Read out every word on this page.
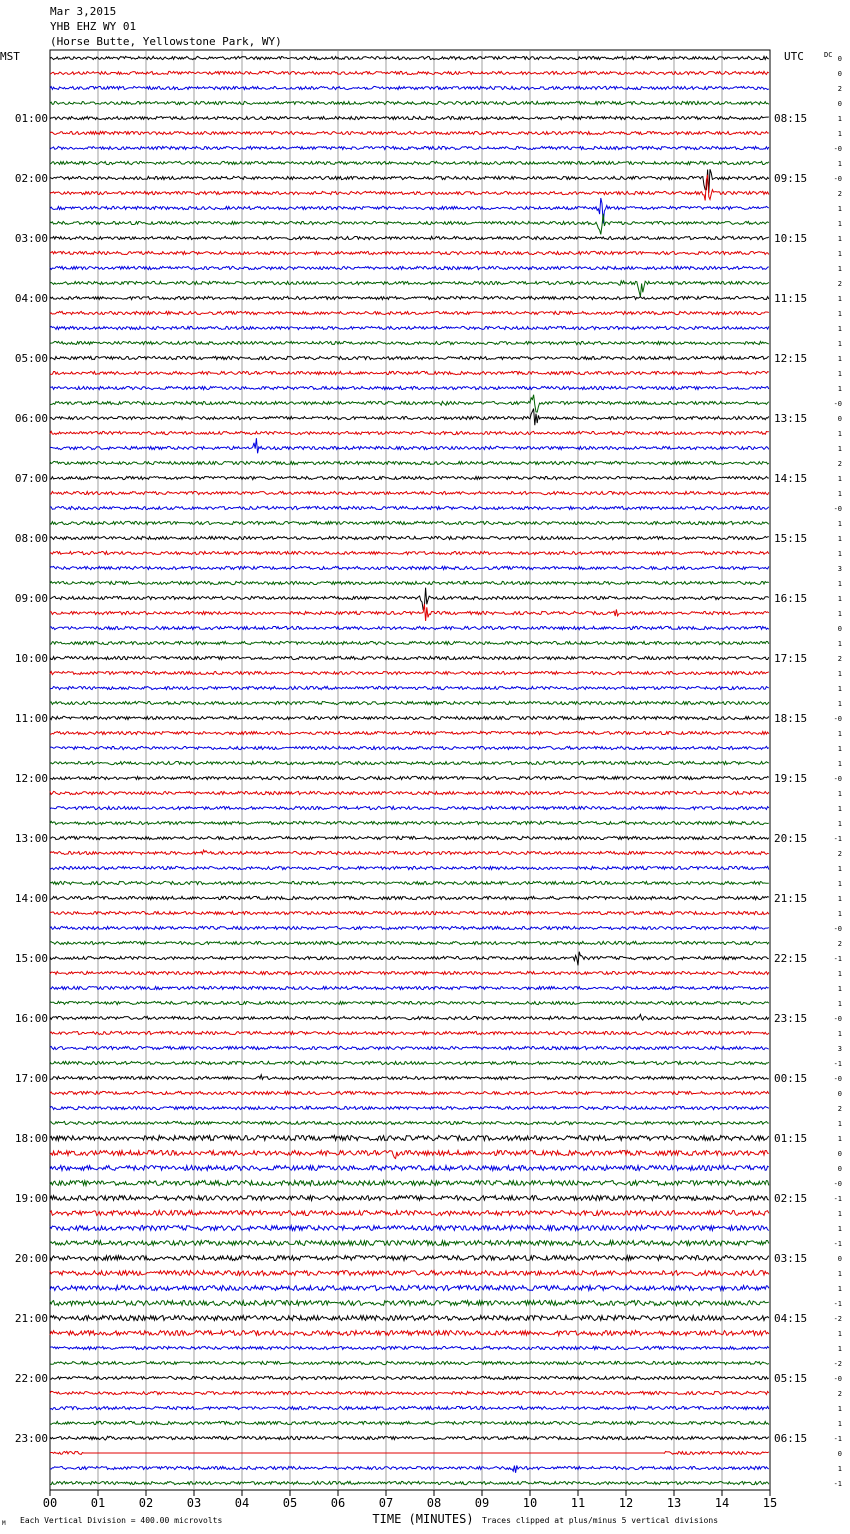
Mar 3,2015
YHB EHZ WY 01
(Horse Butte, Yellowstone Park, WY)
0
0
2
0
1
1
-0
1
-0
2
1
1
1
1
1
2
1
1
1
1
1
1
1
-0
0
1
1
2
1
1
-0
1
1
1
3
1
1
1
0
1
2
1
1
1
-0
1
1
1
-0
1
1
1
-1
2
1
1
1
1
-0
2
-1
1
1
1
-0
1
3
-1
-0
0
2
1
1
0
0
-0
-1
1
1
-1
0
1
1
-1
-2
1
1
-2
-0
2
1
1
-1
0
1
-1
01:00
02:00
03:00
04:00
05:00
06:00
07:00
08:00
09:00
10:00
11:00
12:00
13:00
14:00
15:00
16:00
17:00
18:00
19:00
20:00
21:00
22:00
23:00
08:15
09:15
10:15
11:15
12:15
13:15
14:15
15:15
16:15
17:15
18:15
19:15
20:15
21:15
22:15
23:15
00:15
01:15
02:15
03:15
04:15
05:15
06:15
MST	UTC	DC
00	01	02	03	04	05	06	07	08	09	10	11	12	13	14	15
M Each Vertical Division = 400.00 microvolts	TIME (MINUTES) Traces clipped at plus/minus 5 vertical divisions
